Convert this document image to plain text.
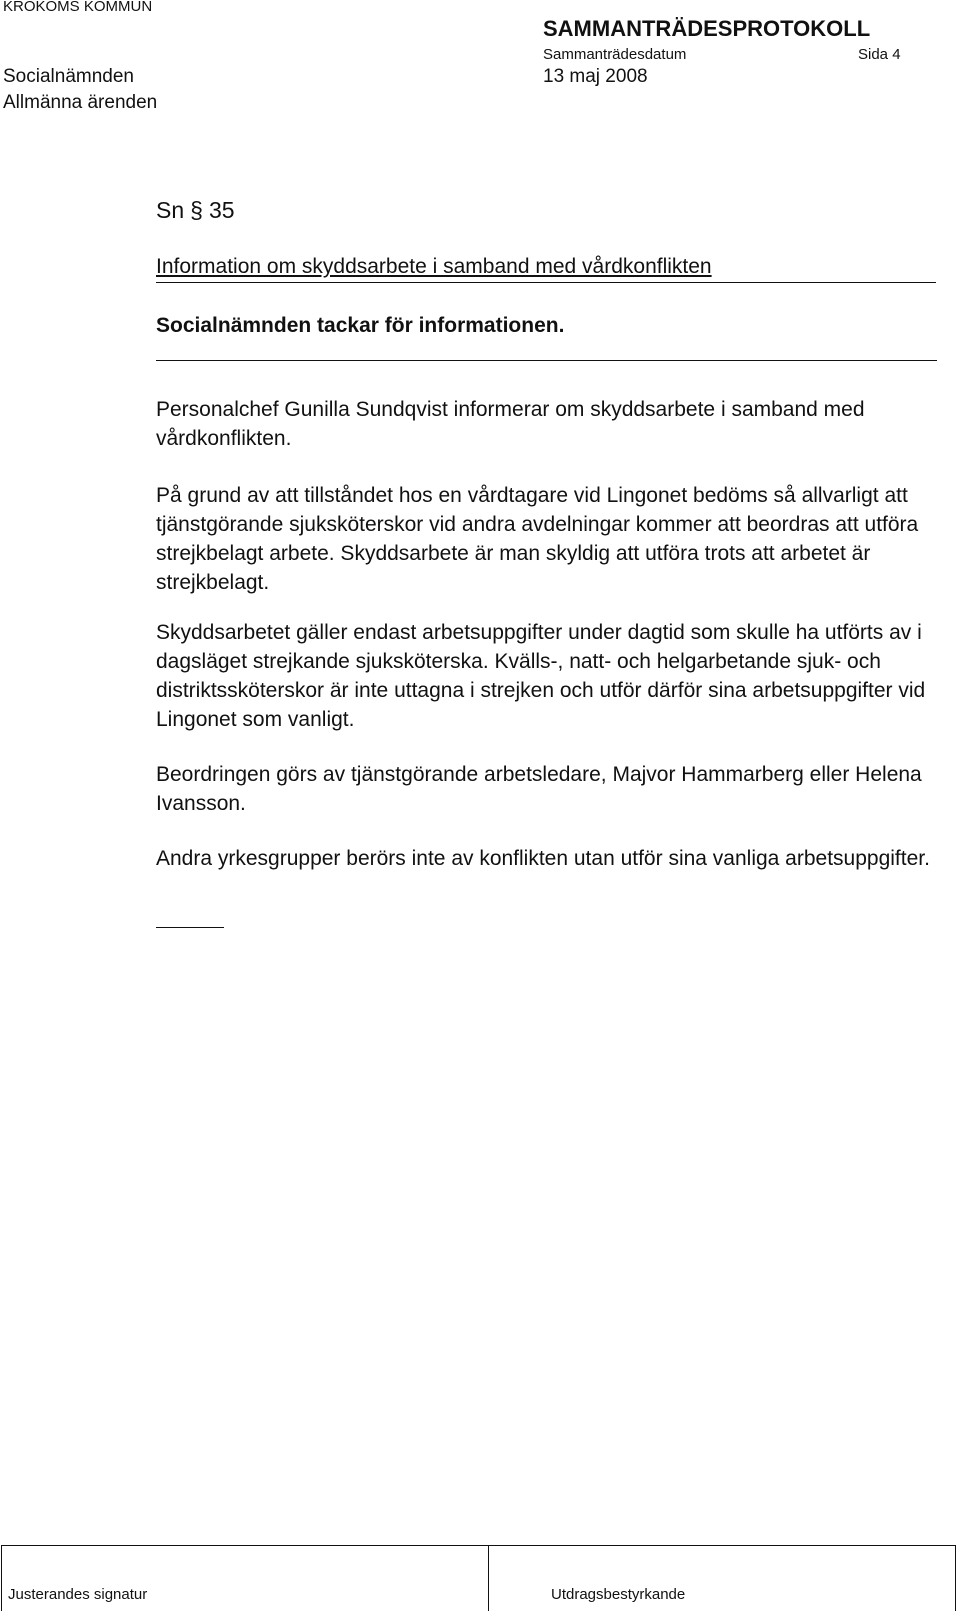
KROKOMS KOMMUN
Socialnämnden
Allmänna ärenden
SAMMANTRÄDESPROTOKOLL
Sammanträdesdatum	Sida 4
13 maj 2008
Sn § 35
Information om skyddsarbete i samband med vårdkonflikten
Socialnämnden tackar för informationen.

Personalchef Gunilla Sundqvist informerar om skyddsarbete i samband med vårdkonflikten.

På grund av att tillståndet hos en vårdtagare vid Lingonet bedöms så allvarligt att tjänstgörande sjuksköterskor vid andra avdelningar kommer att beordras att utföra strejkbelagt arbete. Skyddsarbete är man skyldig att utföra trots att arbetet är strejkbelagt.

Skyddsarbetet gäller endast arbetsuppgifter under dagtid som skulle ha utförts av i dagsläget strejkande sjuksköterska. Kvälls-, natt- och helgarbetande sjuk- och distriktssköterskor är inte uttagna i strejken och utför därför sina arbetsuppgifter vid Lingonet som vanligt.

Beordringen görs av tjänstgörande arbetsledare, Majvor Hammarberg eller Helena Ivansson.

Andra yrkesgrupper berörs inte av konflikten utan utför sina vanliga arbetsuppgifter.

Justerandes signatur	Utdragsbestyrkande
